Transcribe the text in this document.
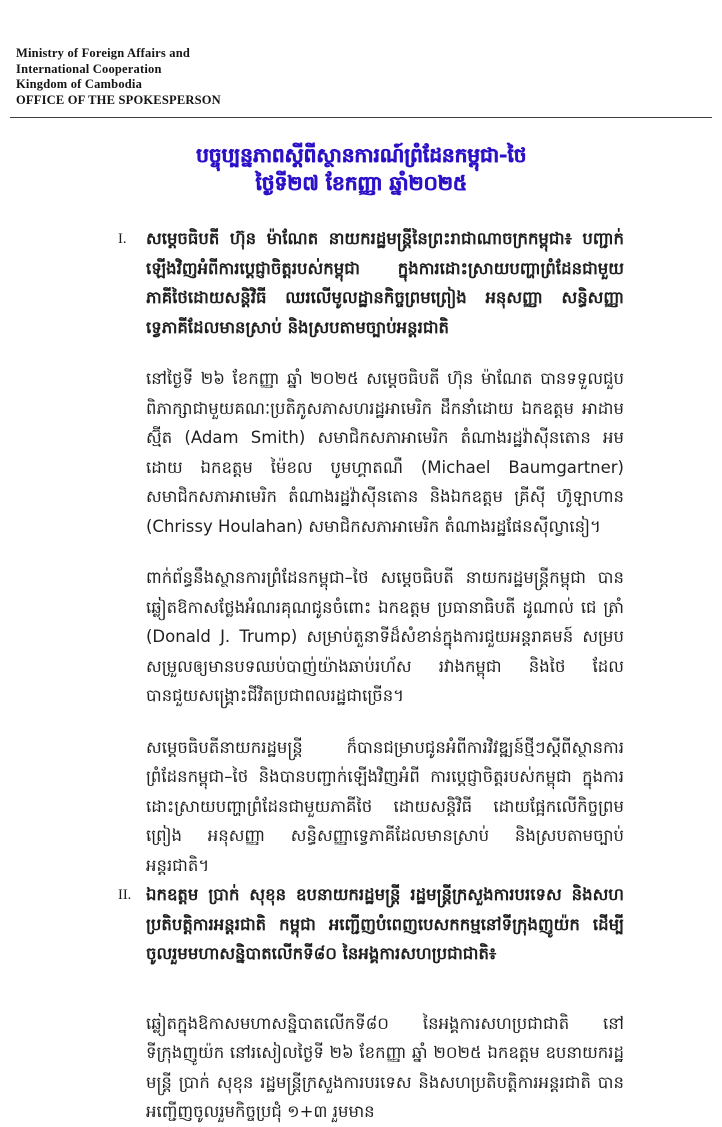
Ministry of Foreign Affairs and
International Cooperation
Kingdom of Cambodia
OFFICE OF THE SPOKESPERSON
បច្ចុប្បន្នភាពស្ដីពីស្ថានការណ៍ព្រំដែនកម្ពុជា-ថៃ
ថ្ងៃទី២៧ ខែកញ្ញា ឆ្នាំ២០២៥
I.	សម្ដេចធិបតី ហ៊ុន ម៉ាណែត នាយករដ្ឋមន្ត្រីនៃព្រះរាជាណាចក្រកម្ពុជា៖ បញ្ជាក់ឡើងវិញអំពីការប្តេជ្ញាចិត្តរបស់កម្ពុជា ក្នុងការដោះស្រាយបញ្ហាព្រំដែនជាមួយភាគីថៃដោយសន្តិវិធី ឈរលើមូលដ្ឋានកិច្ចព្រមព្រៀង អនុសញ្ញា សន្ធិសញ្ញាទ្វេភាគីដែលមានស្រាប់ និងស្របតាមច្បាប់អន្តរជាតិ

នៅថ្ងៃទី ២៦ ខែកញ្ញា ឆ្នាំ ២០២៥ សម្ដេចធិបតី ហ៊ុន ម៉ាណែត បានទទួលជួបពិភាក្សាជាមួយគណៈប្រតិភូសភាសហរដ្ឋអាមេរិក ដឹកនាំដោយ ឯកឧត្តម អាដាម ស្ម៊ីត (Adam Smith) សមាជិកសភាអាមេរិក តំណាងរដ្ឋវ៉ាស៊ីនតោន អមដោយ ឯកឧត្តម ម៉ៃខល បូមហ្គាតណឺ (Michael Baumgartner) សមាជិកសភាអាមេរិក តំណាងរដ្ឋវ៉ាស៊ីនតោន និងឯកឧត្តម គ្រីស៊ី ហ៊ូឡាហាន (Chrissy Houlahan) សមាជិកសភាអាមេរិក តំណាងរដ្ឋផែនស៊ីល្វានៀ។

ពាក់ព័ន្ធនឹងស្ថានការព្រំដែនកម្ពុជា–ថៃ សម្ដេចធិបតី នាយករដ្ឋមន្ត្រីកម្ពុជា បានឆ្លៀតឱកាសថ្លែងអំណរគុណជូនចំពោះ ឯកឧត្តម ប្រធានាធិបតី ដូណាល់ ជេ ត្រាំ (Donald J. Trump) សម្រាប់តួនាទីដ៏សំខាន់ក្នុងការជួយអន្តរាគមន៍ សម្របសម្រួលឲ្យមានបទឈប់បាញ់យ៉ាងឆាប់រហ័ស រវាងកម្ពុជា និងថៃ ដែលបានជួយសង្គ្រោះជីវិតប្រជាពលរដ្ឋជាច្រើន។

សម្ដេចធិបតីនាយករដ្ឋមន្ត្រី ក៏បានជម្រាបជូនអំពីការវិវឌ្ឍន៍ថ្មីៗស្ដីពីស្ថានការព្រំដែនកម្ពុជា–ថៃ និងបានបញ្ជាក់ឡើងវិញអំពី ការប្តេជ្ញាចិត្តរបស់កម្ពុជា ក្នុងការដោះស្រាយបញ្ហាព្រំដែនជាមួយភាគីថៃ ដោយសន្តិវិធី ដោយផ្អែកលើកិច្ចព្រមព្រៀង អនុសញ្ញា សន្ធិសញ្ញាទ្វេភាគីដែលមានស្រាប់ និងស្របតាមច្បាប់អន្តរជាតិ។

II. ឯកឧត្តម ប្រាក់ សុខុន ឧបនាយករដ្ឋមន្ត្រី រដ្ឋមន្ត្រីក្រសួងការបរទេស និងសហប្រតិបត្តិការអន្តរជាតិ កម្ពុជា អញ្ជើញបំពេញបេសកកម្មនៅទីក្រុងញូយ៉ក ដើម្បីចូលរួមមហាសន្និបាតលើកទី៨០ នៃអង្គការសហប្រជាជាតិ៖

ឆ្លៀតក្នុងឱកាសមហាសន្និបាតលើកទី៨០ នៃអង្គការសហប្រជាជាតិ នៅទីក្រុងញូយ៉ក នៅរសៀលថ្ងៃទី ២៦ ខែកញ្ញា ឆ្នាំ ២០២៥ ឯកឧត្តម ឧបនាយករដ្ឋមន្ត្រី ប្រាក់ សុខុន រដ្ឋមន្ត្រីក្រសួងការបរទេស និងសហប្រតិបត្តិការអន្តរជាតិ បានអញ្ជើញចូលរួមកិច្ចប្រជុំ ១+៣ រួមមាន
